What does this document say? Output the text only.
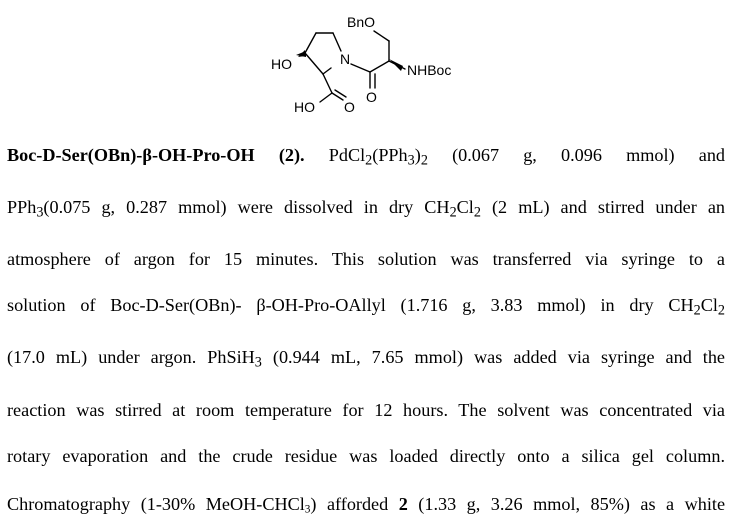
BnO
HO	N
NHBoc
O
HO O
Boc-D-Ser(OBn)-β-OH-Pro-OH (2). $PdCl_2(PPh_3)_2$ (0.067 g, 0.096 mmol) and
PPh$_3$(0.075 g, 0.287 mmol) were dissolved in dry $CH_2Cl_2$ (2 mL) and stirred under an
atmosphere of argon for 15 minutes. This solution was transferred via syringe to a
solution of Boc-D-Ser(OBn)- β-OH-Pro-OAllyl (1.716 g, 3.83 mmol) in dry $CH_2Cl_2$
(17.0 mL) under argon. PhSiH$_3$ (0.944 mL, 7.65 mmol) was added via syringe and the
reaction was stirred at room temperature for 12 hours. The solvent was concentrated via
rotary evaporation and the crude residue was loaded directly onto a silica gel column.
Chromatography (1-30% MeOH-CHCl$_3$) afforded 2 (1.33 g, 3.26 mmol, 85%) as a white
